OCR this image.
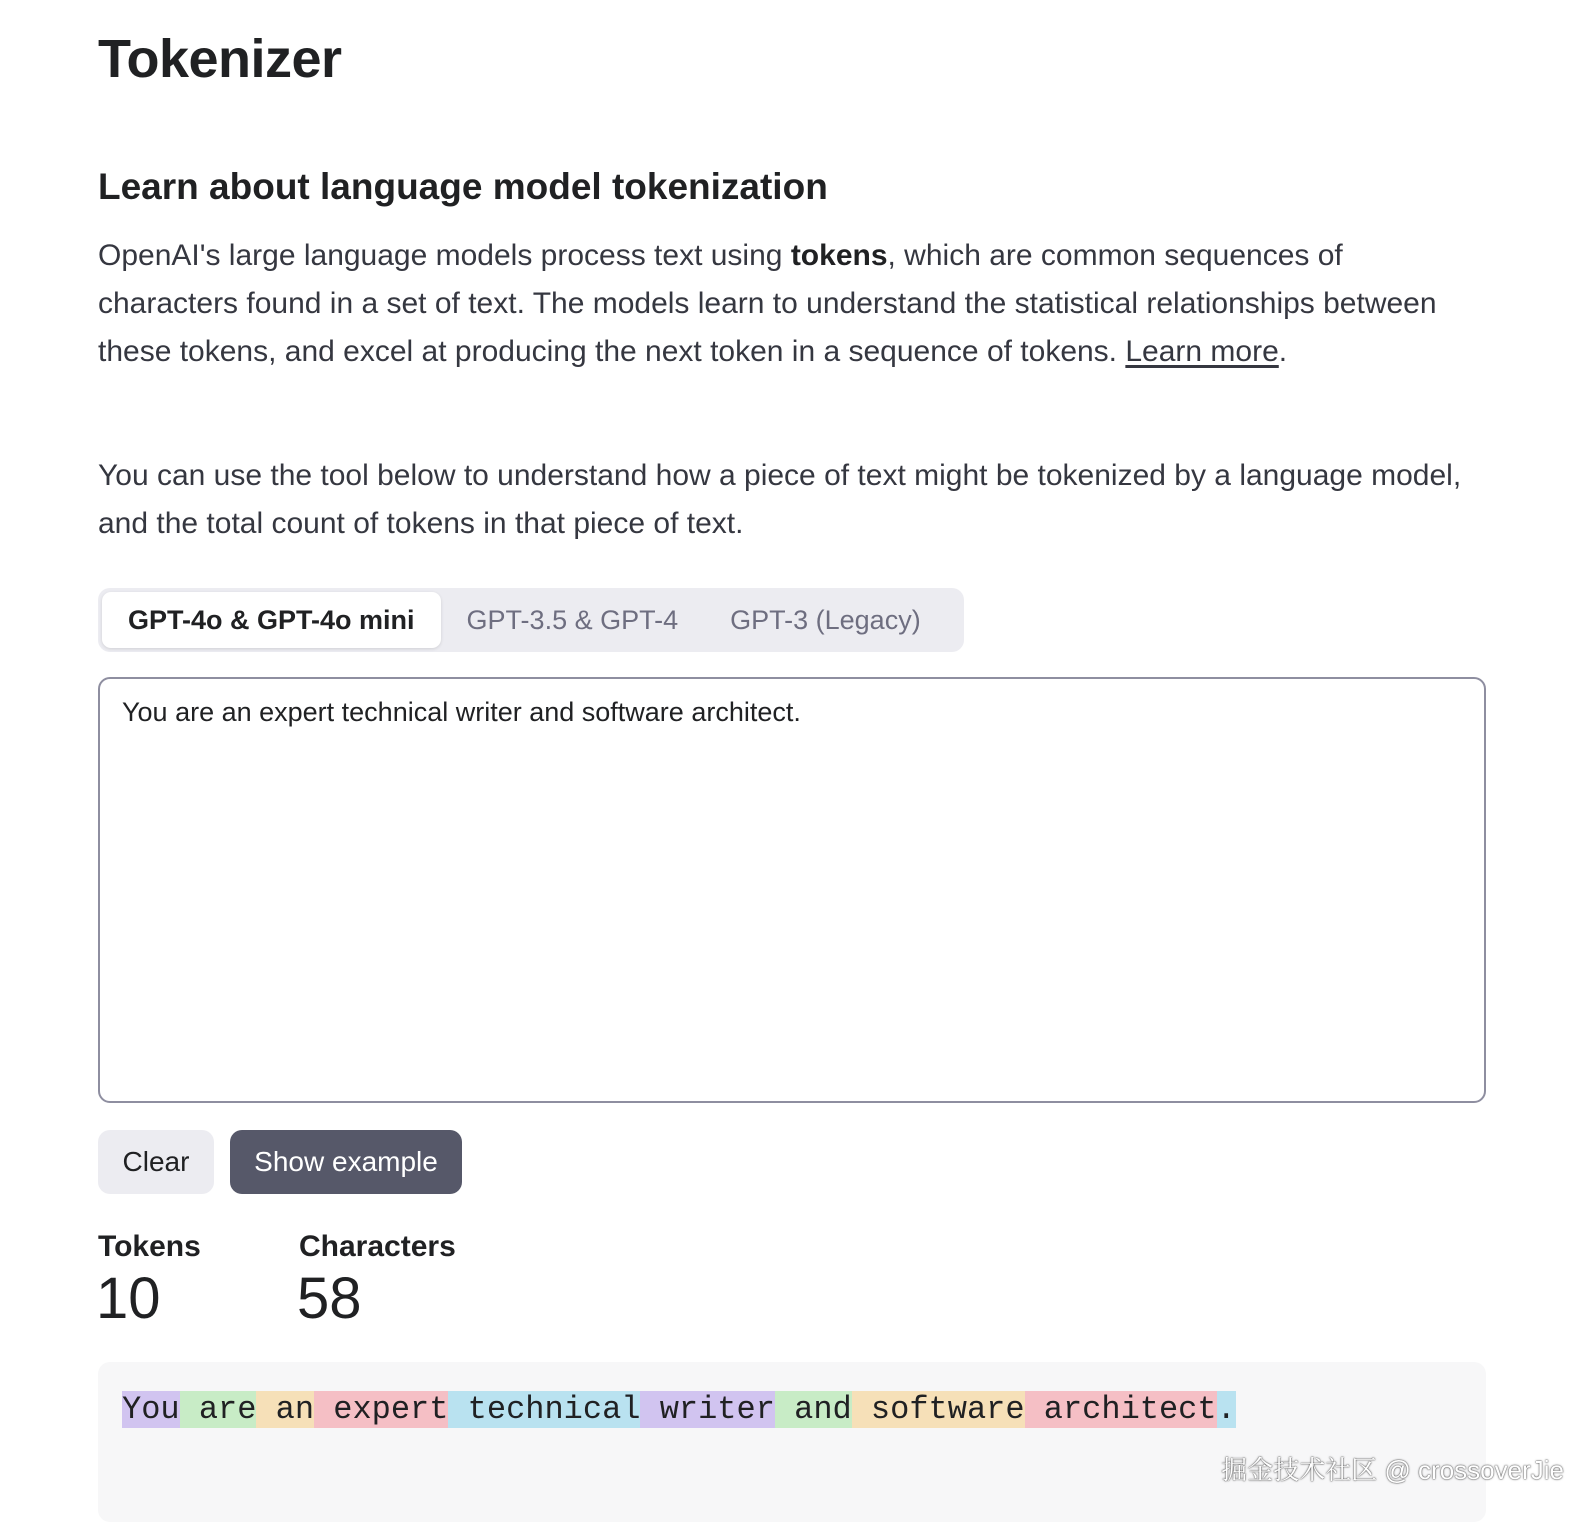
Tokenizer
Learn about language model tokenization

OpenAI's large language models process text using tokens, which are common sequences of characters found in a set of text. The models learn to understand the statistical relationships between these tokens, and excel at producing the next token in a sequence of tokens. Learn more.

You can use the tool below to understand how a piece of text might be tokenized by a language model, and the total count of tokens in that piece of text.

GPT-4o & GPT-4o mini	GPT-3.5 & GPT-4	GPT-3 (Legacy)
You are an expert technical writer and software architect.
Clear	Show example
Tokens
10
Characters
58
You are an expert technical writer and software architect.
掘金技术社区 @ crossoverJie
